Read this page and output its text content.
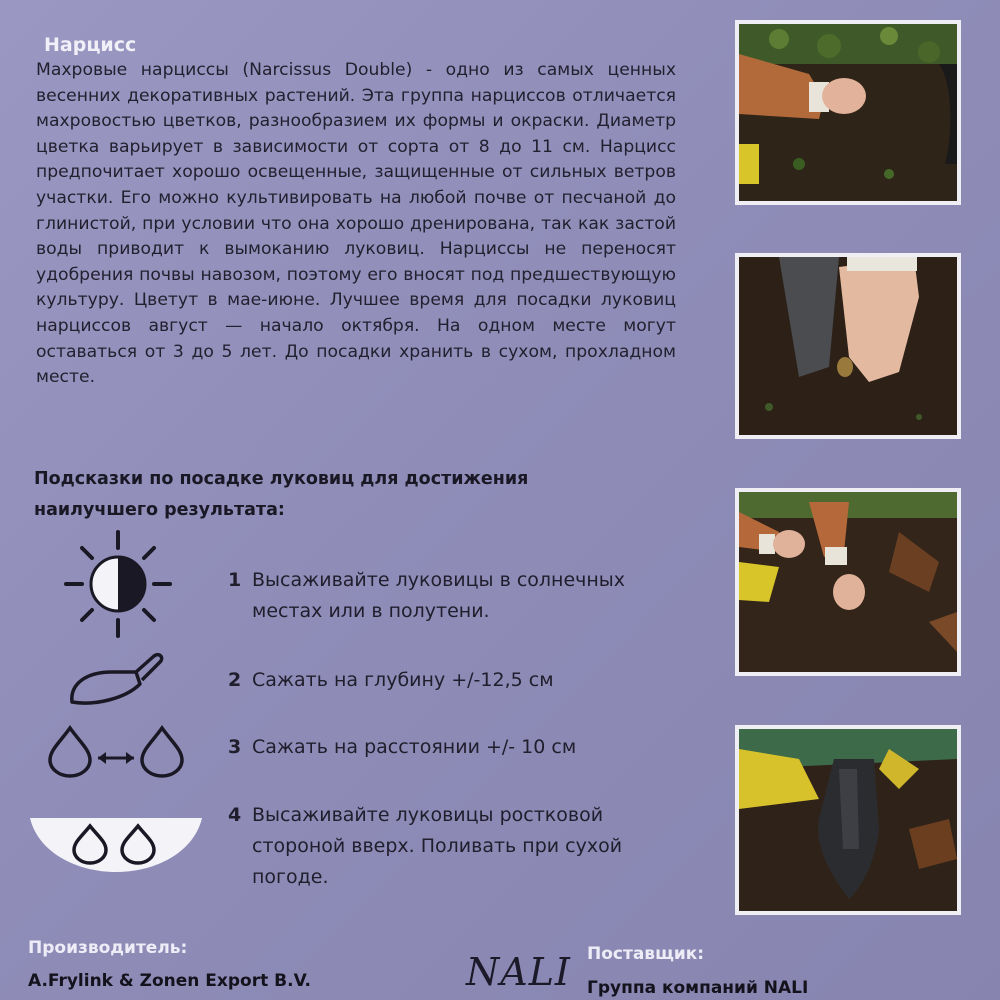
Нарцисс
Махровые нарциссы (Narcissus Double) - одно из самых ценных весенних декоративных растений. Эта группа нарциссов отличается махровостью цветков, разнообразием их формы и окраски. Диаметр цветка варьирует в зависимости от сорта от 8 до 11 см. Нарцисс предпочитает хорошо освещенные, защищенные от сильных ветров участки. Его можно культивировать на любой почве от песчаной до глинистой, при условии что она хорошо дренирована, так как застой воды приводит к вымоканию луковиц. Нарциссы не переносят удобрения почвы навозом, поэтому его вносят под предшествующую культуру. Цветут в мае-июне. Лучшее время для посадки луковиц нарциссов август — начало октября. На одном месте могут оставаться от 3 до 5 лет. До посадки хранить в сухом, прохладном месте.
Подсказки по посадке луковиц для достижения наилучшего результата:
1 Высаживайте луковицы в солнечных местах или в полутени.
2 Сажать на глубину +/-12,5 см
3 Сажать на расстоянии +/- 10 см
4 Высаживайте луковицы ростковой стороной вверх. Поливать при сухой погоде.
Производитель:
A.Frylink & Zonen Export B.V.	NALI Поставщик:
Группа компаний NALI
